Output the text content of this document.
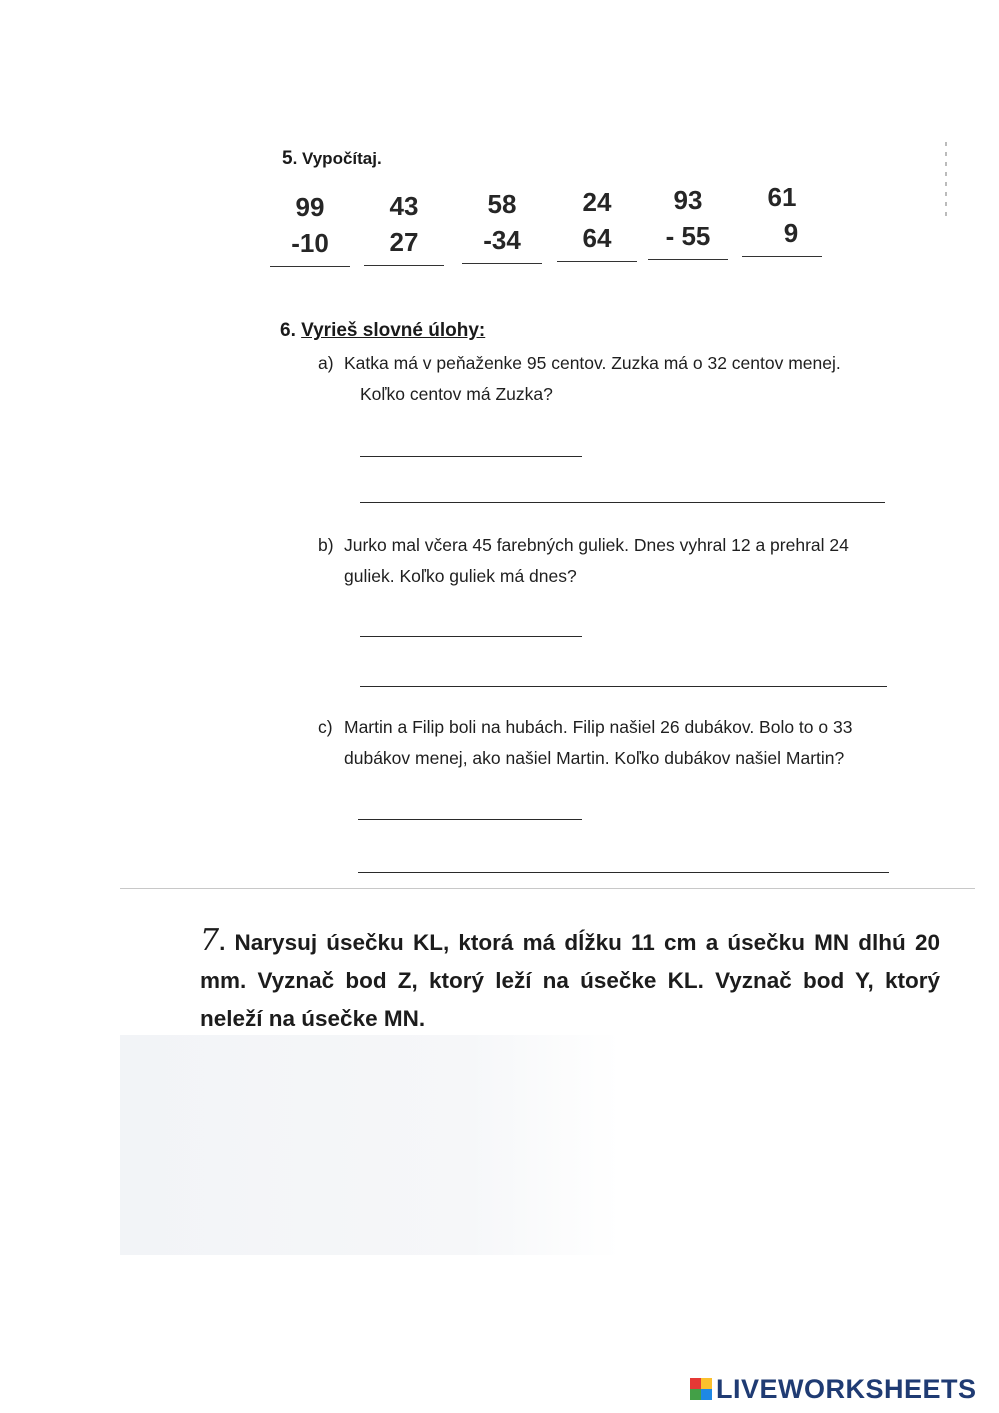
5. Vypočítaj.
99
-10
43
27
58
-34
24
64
93
- 55
61
9
6. Vyrieš slovné úlohy:
a) Katka má v peňaženke 95 centov. Zuzka má o 32 centov menej.
Koľko centov má Zuzka?
b) Jurko mal včera 45 farebných guliek. Dnes vyhral 12 a prehral 24
guliek. Koľko guliek má dnes?
c) Martin a Filip boli na hubách. Filip našiel 26 dubákov. Bolo to o 33
dubákov menej, ako našiel Martin. Koľko dubákov našiel Martin?
7. Narysuj úsečku KL, ktorá má dĺžku 11 cm a úsečku MN dlhú 20 mm. Vyznač bod Z, ktorý leží na úsečke KL. Vyznač bod Y, ktorý neleží na úsečke MN.
LIVEWORKSHEETS
